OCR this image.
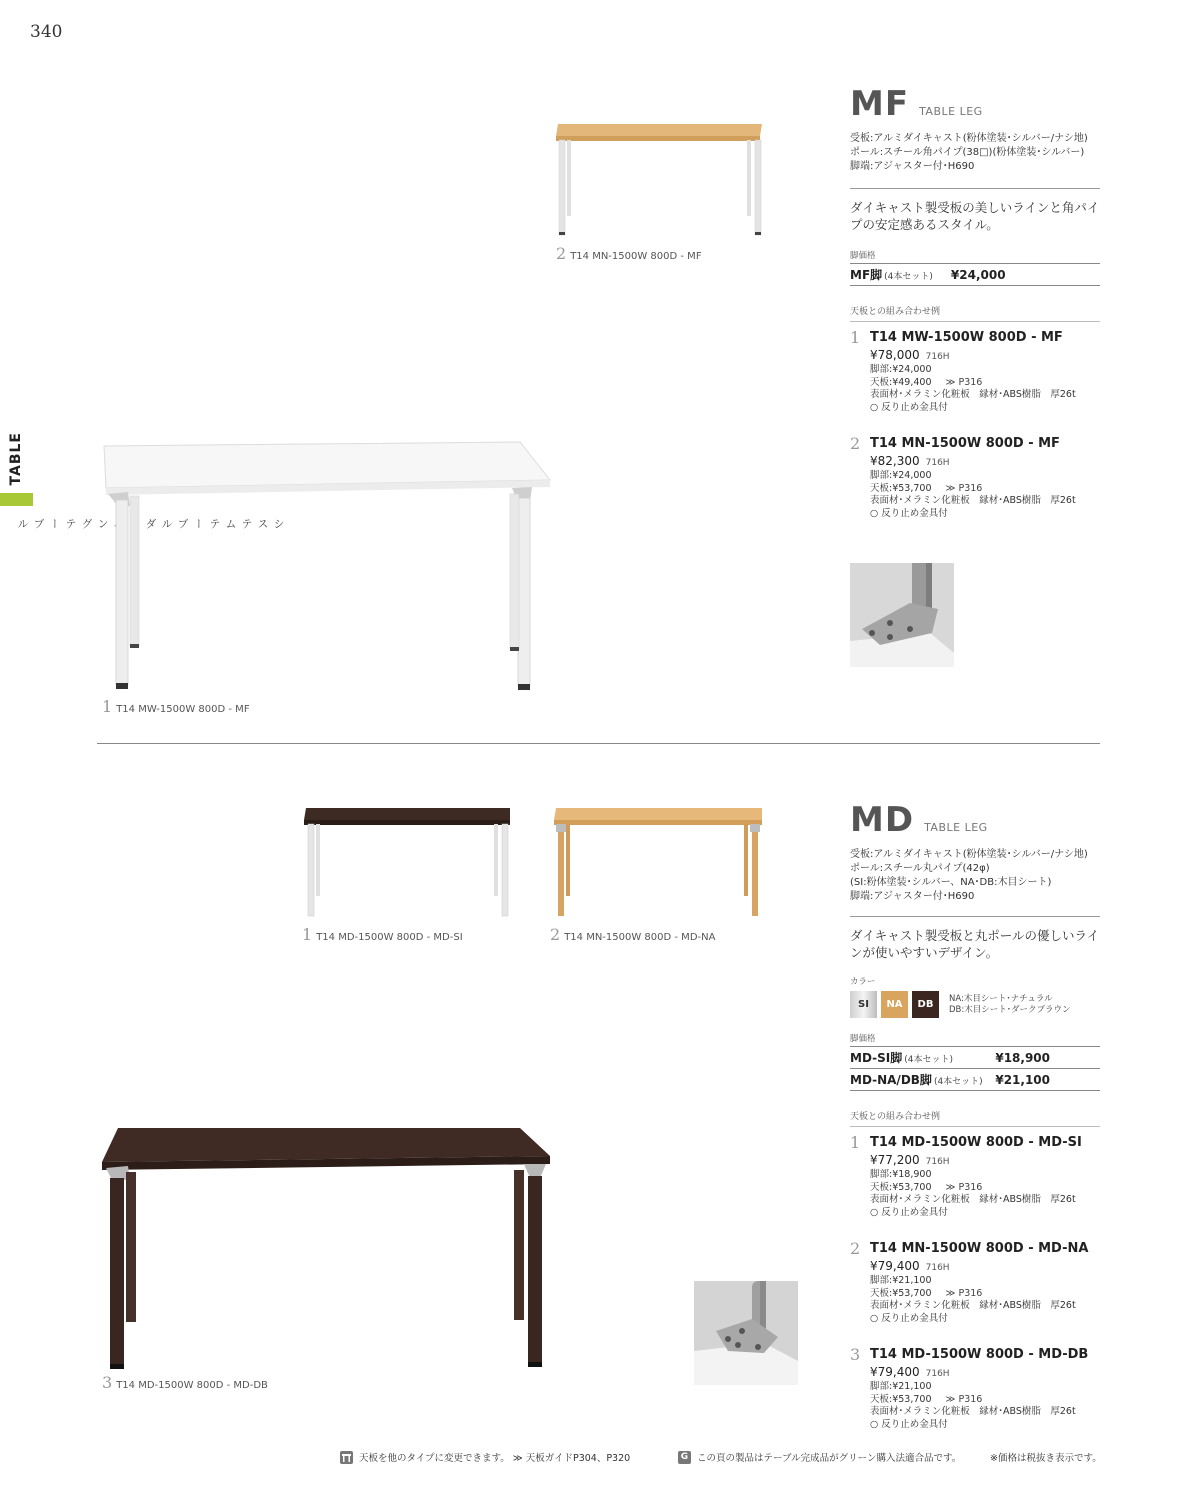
340
TABLE
システムテーブル ダ ングテーブル
2 T14 MN-1500W 800D - MF
1 T14 MW-1500W 800D - MF
MF TABLE LEG
受板:アルミダイキャスト(粉体塗装･シルバー/ナシ地)
ポール:スチール角パイプ(38□)(粉体塗装･シルバー)
脚端:アジャスター付･H690
ダイキャスト製受板の美しいラインと角パイプの安定感あるスタイル。
脚価格
MF脚 (4本セット) ¥24,000
天板との組み合わせ例
1 T14 MW-1500W 800D - MF
¥78,000 716H
脚部:¥24,000
天板:¥49,400 ≫ P316
表面材･メラミン化粧板　縁材･ABS樹脂　厚26t
○ 反り止め金具付
2 T14 MN-1500W 800D - MF
¥82,300 716H
脚部:¥24,000
天板:¥53,700 ≫ P316
表面材･メラミン化粧板　縁材･ABS樹脂　厚26t
○ 反り止め金具付
1 T14 MD-1500W 800D - MD-SI	2 T14 MN-1500W 800D - MD-NA
3 T14 MD-1500W 800D - MD-DB
MD TABLE LEG
受板:アルミダイキャスト(粉体塗装･シルバー/ナシ地)
ポール:スチール丸パイプ(42φ)
(SI:粉体塗装･シルバー、NA･DB:木目シート)
脚端:アジャスター付･H690
ダイキャスト製受板と丸ポールの優しいラインが使いやすいデザイン。
カラー
SI	NA	DB
NA:木目シート･ナチュラル
DB:木目シート･ダークブラウン
脚価格
MD-SI脚 (4本セット)	¥18,900
MD-NA/DB脚 (4本セット) ¥21,100
天板との組み合わせ例
1 T14 MD-1500W 800D - MD-SI
¥77,200 716H
脚部:¥18,900
天板:¥53,700 ≫ P316
表面材･メラミン化粧板　縁材･ABS樹脂　厚26t
○ 反り止め金具付
2 T14 MN-1500W 800D - MD-NA
¥79,400 716H
脚部:¥21,100
天板:¥53,700 ≫ P316
表面材･メラミン化粧板　縁材･ABS樹脂　厚26t
○ 反り止め金具付
3 T14 MD-1500W 800D - MD-DB
¥79,400 716H
脚部:¥21,100
天板:¥53,700 ≫ P316
表面材･メラミン化粧板　縁材･ABS樹脂　厚26t
○ 反り止め金具付
天板を他のタイプに変更できます。 ≫ 天板ガイドP304、P320	G この頁の製品はテーブル完成品がグリーン購入法適合品です。	※価格は税抜き表示です。
